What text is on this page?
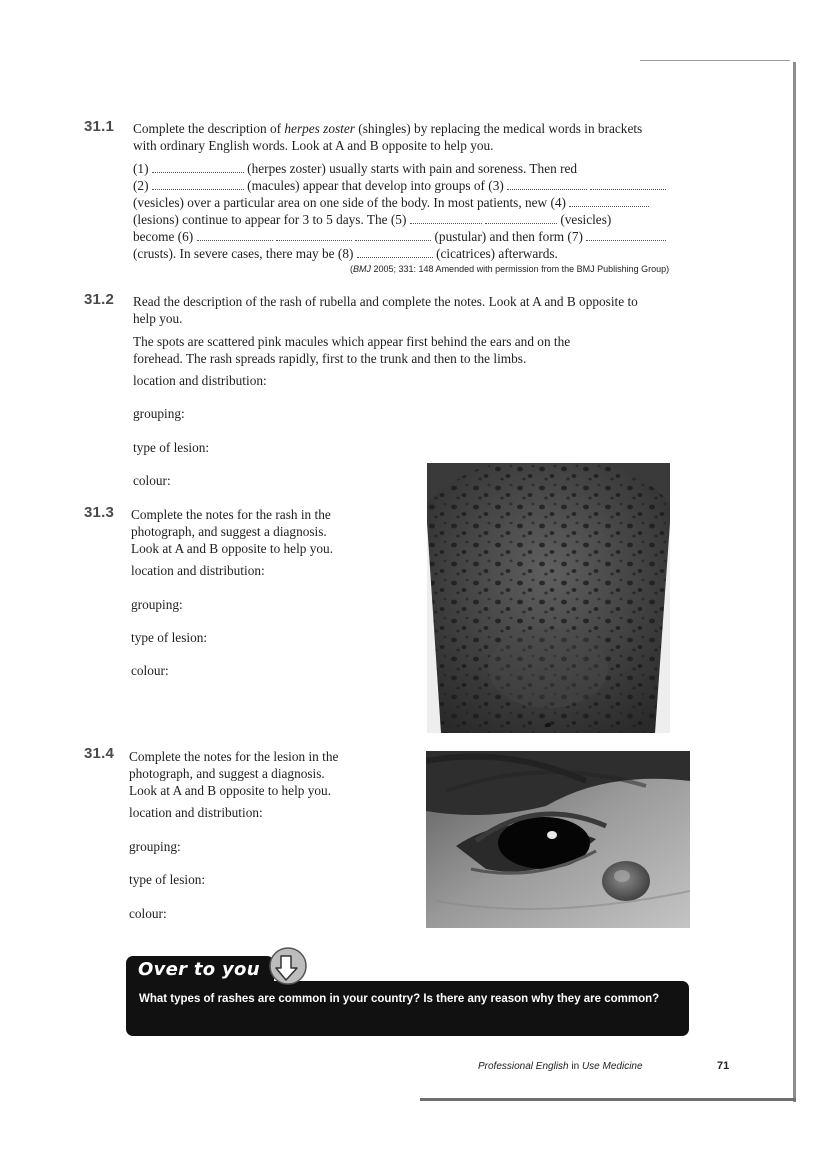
31.1 Complete the description of herpes zoster (shingles) by replacing the medical words in brackets
with ordinary English words. Look at A and B opposite to help you.
(1)	(herpes zoster) usually starts with pain and soreness. Then red
(2)	(macules) appear that develop into groups of (3)
(vesicles) over a particular area on one side of the body. In most patients, new (4)
(lesions) continue to appear for 3 to 5 days. The (5)	(vesicles)
become (6)	(pustular) and then form (7)
(crusts). In severe cases, there may be (8)	(cicatrices) afterwards.
(BMJ 2005; 331: 148 Amended with permission from the BMJ Publishing Group)
31.2 Read the description of the rash of rubella and complete the notes. Look at A and B opposite to
help you.
The spots are scattered pink macules which appear first behind the ears and on the
forehead. The rash spreads rapidly, first to the trunk and then to the limbs.
location and distribution:
grouping:
type of lesion:
colour:
31.3 Complete the notes for the rash in the
photograph, and suggest a diagnosis.
Look at A and B opposite to help you.
location and distribution:
grouping:
type of lesion:
colour:
31.4 Complete the notes for the lesion in the
photograph, and suggest a diagnosis.
Look at A and B opposite to help you.
location and distribution:
grouping:
type of lesion:
colour:
Over to you
What types of rashes are common in your country? Is there any reason why they are common?
Professional English in Use Medicine	71
